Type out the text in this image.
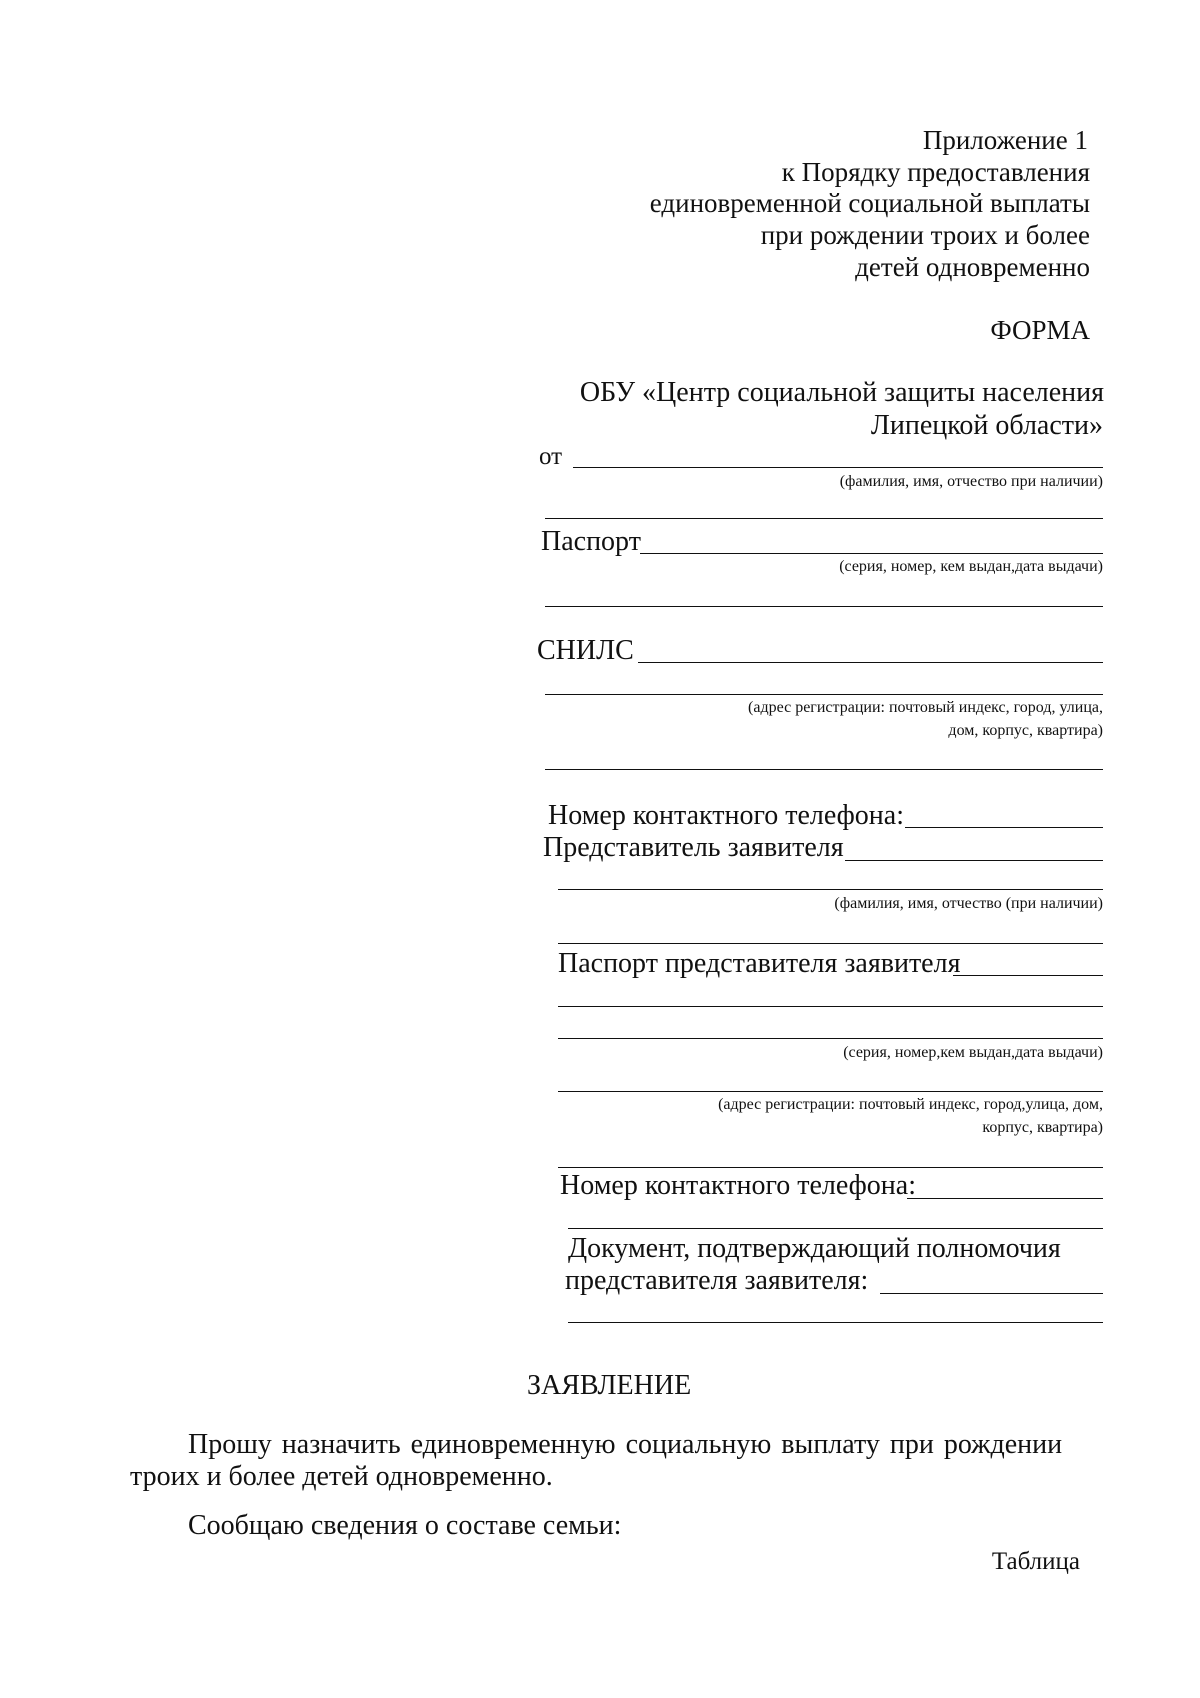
Приложение 1
к Порядку предоставления
единовременной социальной выплаты
при рождении троих и более
детей одновременно
ФОРМА
ОБУ «Центр социальной защиты населения
Липецкой области»
от
(фамилия, имя, отчество при наличии)
Паспорт
(серия, номер, кем выдан,дата выдачи)
СНИЛС
(адрес регистрации: почтовый индекс, город, улица,
дом, корпус, квартира)
Номер контактного телефона:
Представитель заявителя
(фамилия, имя, отчество (при наличии)
Паспорт представителя заявителя
(серия, номер,кем выдан,дата выдачи)
(адрес регистрации: почтовый индекс, город,улица, дом,
корпус, квартира)
Номер контактного телефона:
Документ, подтверждающий полномочия
представителя заявителя:
ЗАЯВЛЕНИЕ
Прошу назначить единовременную социальную выплату при рождении
троих и более детей одновременно.
Сообщаю сведения о составе семьи:
Таблица
